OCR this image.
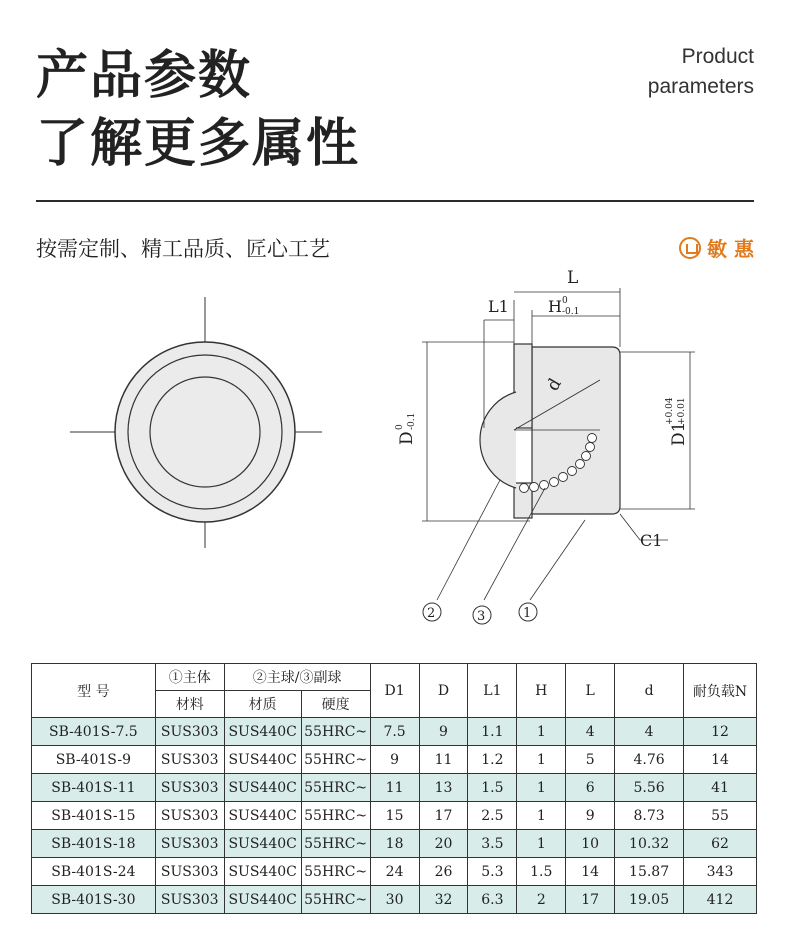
产品参数
了解更多属性
Product
parameters
按需定制、精工品质、匠心工艺	敏 惠
L
L1 H 0
-0.1
D
0 -0.1
D1
+0.04 +0.01
d
C1
2	3	1
型 号	①主体	②主球/③副球		D1	D	L1	H	L	d	耐负载N
	材料	材质	硬度							
SB-401S-7.5	SUS303	SUS440C	55HRC~	7.5	9	1.1	1	4	4	12
SB-401S-9	SUS303	SUS440C	55HRC~	9	11	1.2	1	5	4.76	14
SB-401S-11	SUS303	SUS440C	55HRC~	11	13	1.5	1	6	5.56	41
SB-401S-15	SUS303	SUS440C	55HRC~	15	17	2.5	1	9	8.73	55
SB-401S-18	SUS303	SUS440C	55HRC~	18	20	3.5	1	10	10.32	62
SB-401S-24	SUS303	SUS440C	55HRC~	24	26	5.3	1.5	14	15.87	343
SB-401S-30	SUS303	SUS440C	55HRC~	30	32	6.3	2	17	19.05	412
